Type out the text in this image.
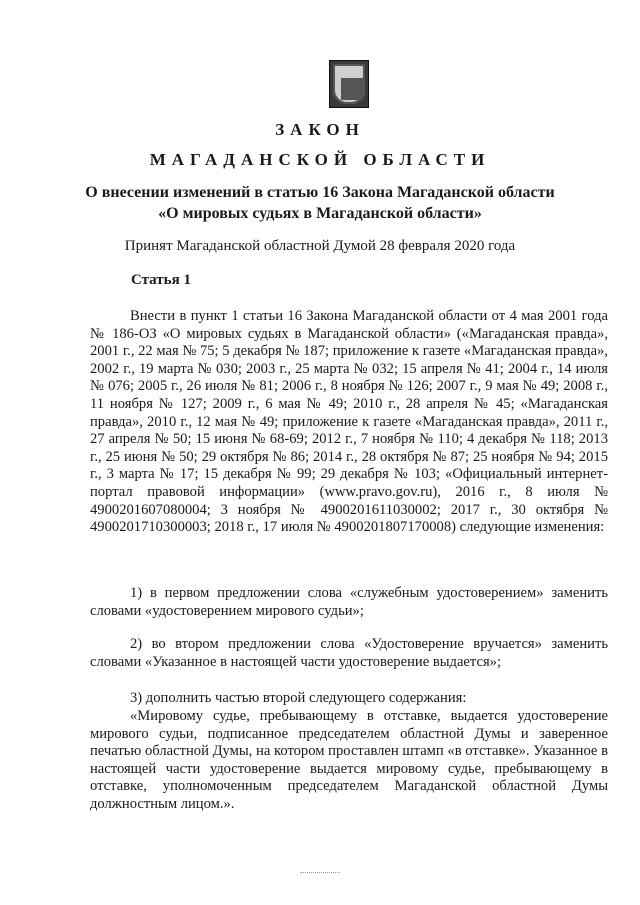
ЗАКОН
МАГАДАНСКОЙ ОБЛАСТИ
О внесении изменений в статью 16 Закона Магаданской области
«О мировых судьях в Магаданской области»
Принят Магаданской областной Думой 28 февраля 2020 года
Статья 1

Внести в пункт 1 статьи 16 Закона Магаданской области от 4 мая 2001 года № 186-ОЗ «О мировых судьях в Магаданской области» («Магаданская правда», 2001 г., 22 мая № 75; 5 декабря № 187; приложение к газете «Магаданская правда», 2002 г., 19 марта № 030; 2003 г., 25 марта № 032; 15 апреля № 41; 2004 г., 14 июля № 076; 2005 г., 26 июля № 81; 2006 г., 8 ноября № 126; 2007 г., 9 мая № 49; 2008 г., 11 ноября № 127; 2009 г., 6 мая № 49; 2010 г., 28 апреля № 45; «Магаданская правда», 2010 г., 12 мая № 49; приложение к газете «Магаданская правда», 2011 г., 27 апреля № 50; 15 июня № 68-69; 2012 г., 7 ноября № 110; 4 декабря № 118; 2013 г., 25 июня № 50; 29 октября № 86; 2014 г., 28 октября № 87; 25 ноября № 94; 2015 г., 3 марта № 17; 15 декабря № 99; 29 декабря № 103; «Официальный интернет-портал правовой информации» (www.pravo.gov.ru), 2016 г., 8 июля № 4900201607080004; 3 ноября № 4900201611030002; 2017 г., 30 октября № 4900201710300003; 2018 г., 17 июля № 4900201807170008) следующие изменения:

1) в первом предложении слова «служебным удостоверением» заменить словами «удостоверением мирового судьи»;

2) во втором предложении слова «Удостоверение вручается» заменить словами «Указанное в настоящей части удостоверение выдается»;

3) дополнить частью второй следующего содержания:

«Мировому судье, пребывающему в отставке, выдается удостоверение мирового судьи, подписанное председателем областной Думы и заверенное печатью областной Думы, на котором проставлен штамп «в отставке». Указанное в настоящей части удостоверение выдается мировому судье, пребывающему в отставке, уполномоченным председателем Магаданской областной Думы должностным лицом.».
